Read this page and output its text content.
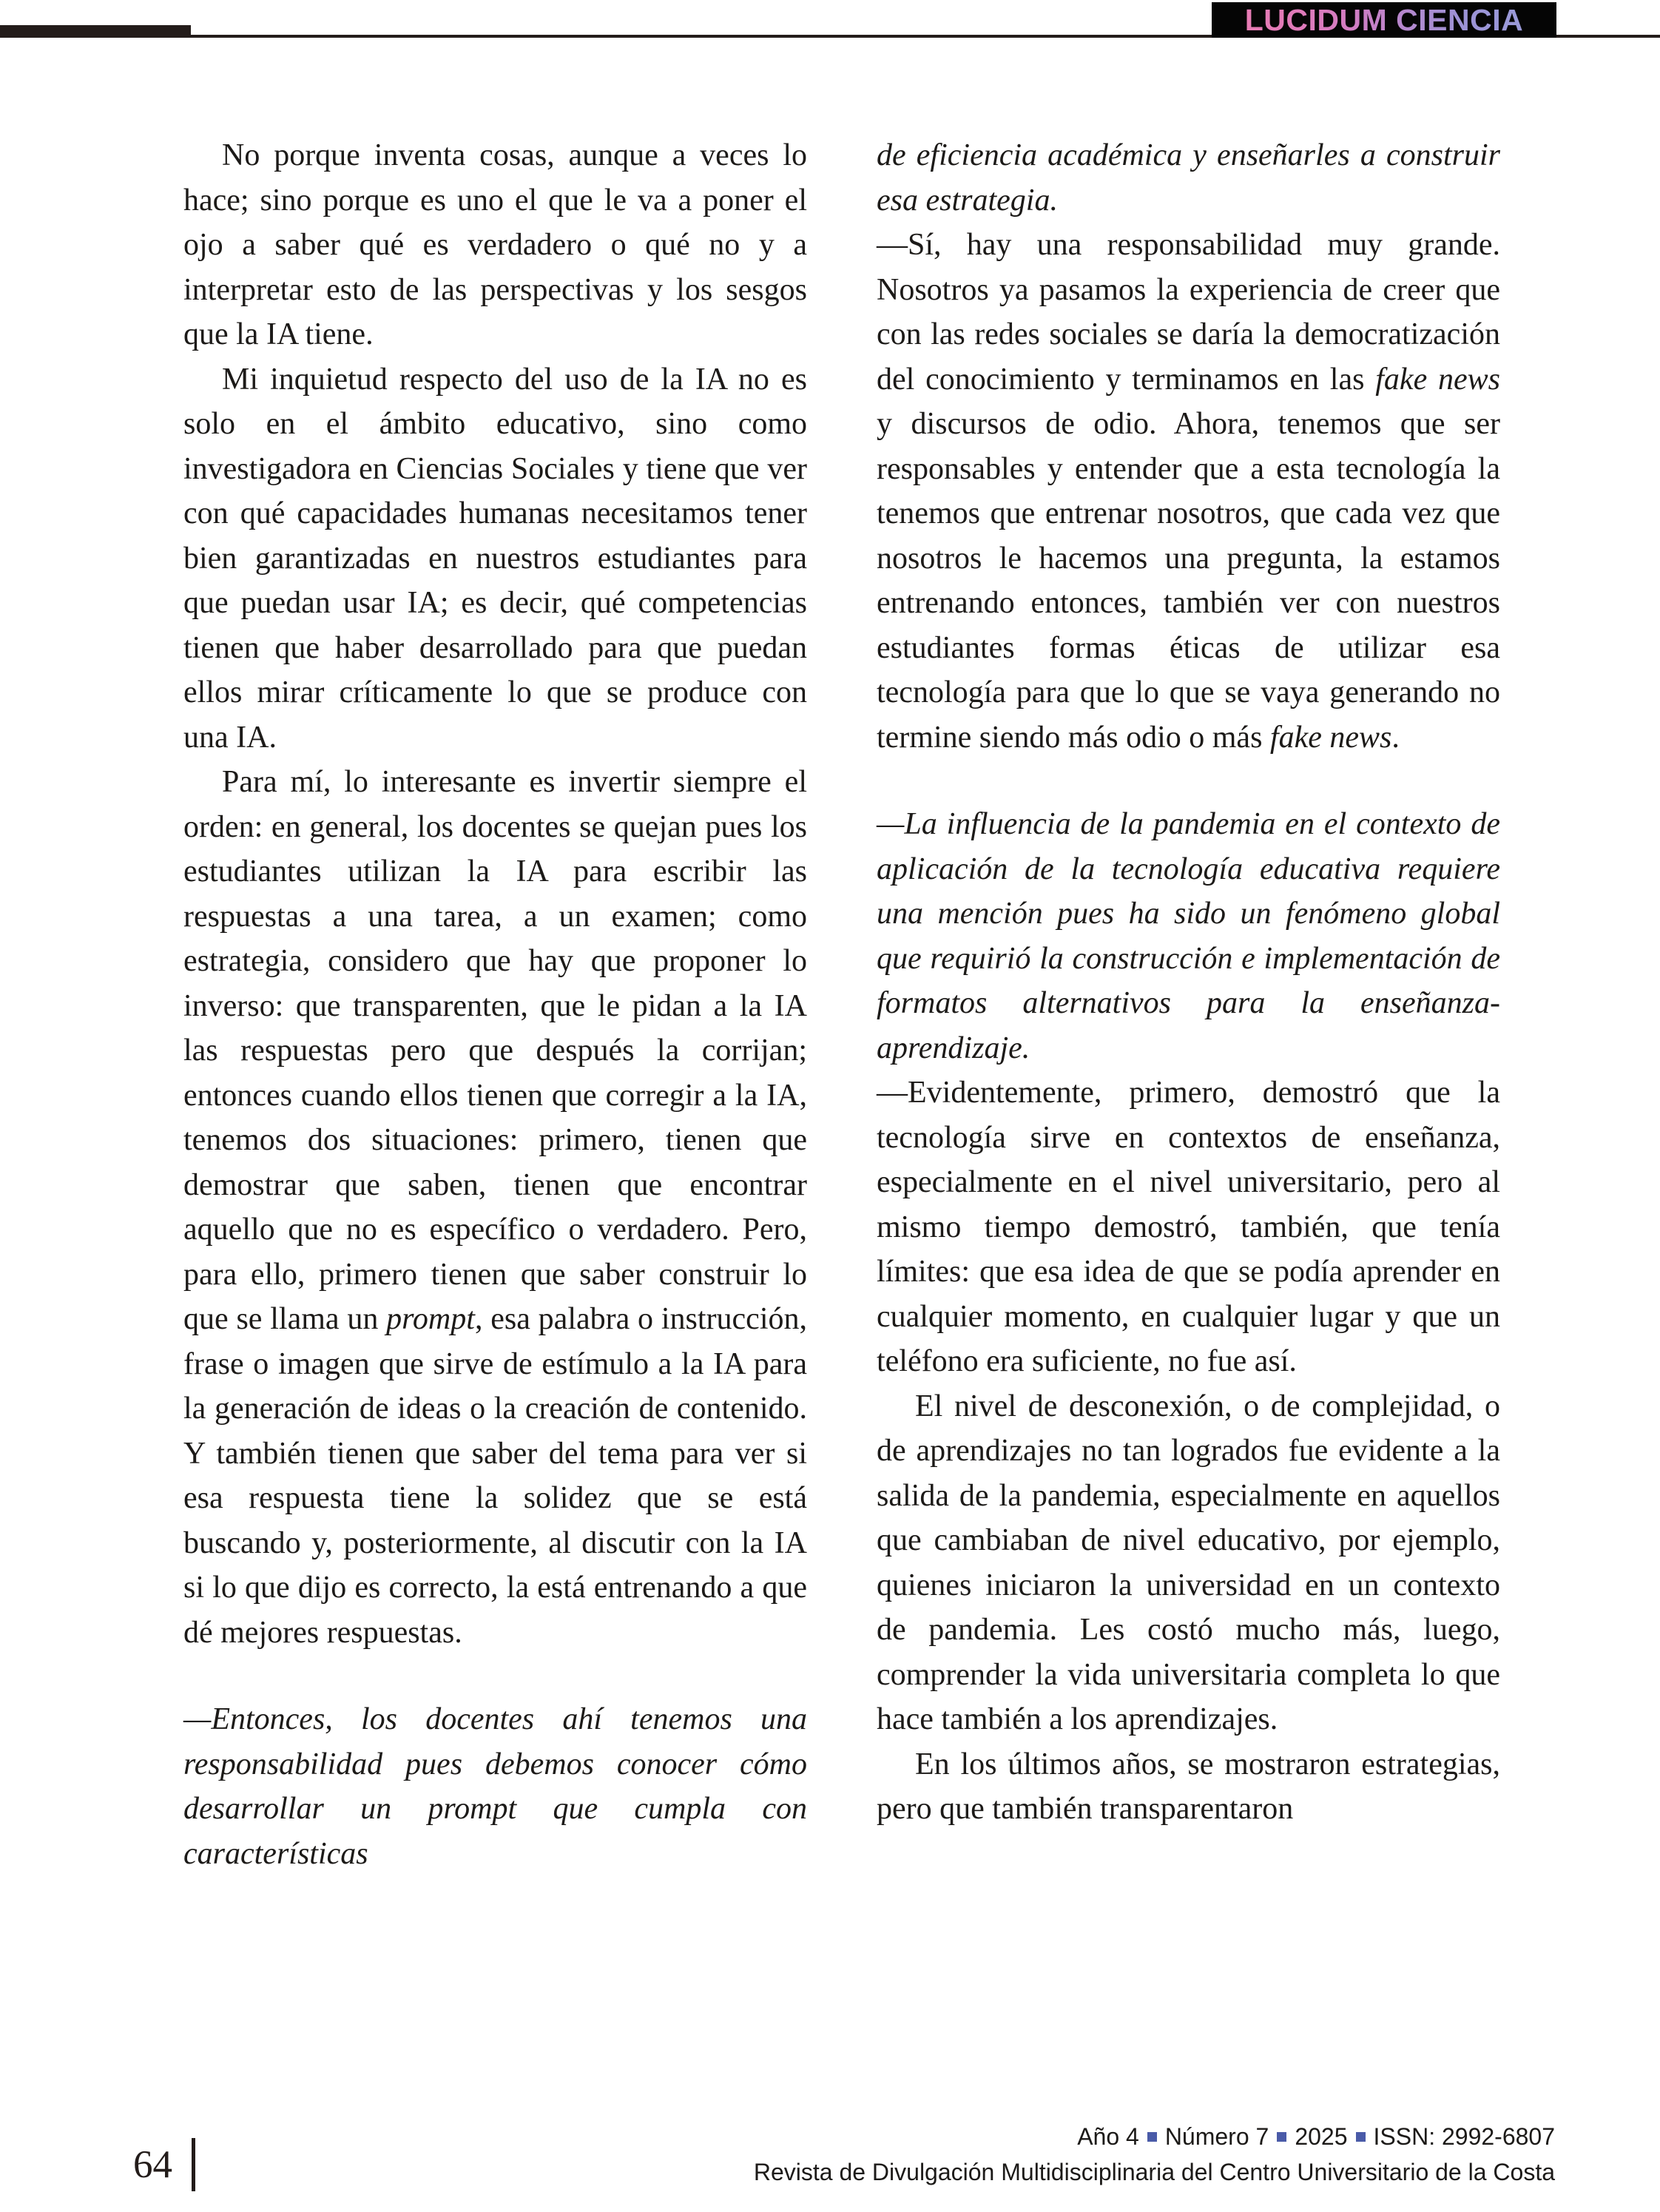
LUCIDUM CIENCIA

No porque inventa cosas, aunque a veces lo hace; sino porque es uno el que le va a poner el ojo a saber qué es verdadero o qué no y a interpretar esto de las perspectivas y los sesgos que la IA tiene.

Mi inquietud respecto del uso de la IA no es solo en el ámbito educativo, sino como investigadora en Ciencias Sociales y tiene que ver con qué capacidades humanas necesitamos tener bien garantizadas en nuestros estudiantes para que puedan usar IA; es decir, qué competencias tienen que haber desarrollado para que puedan ellos mirar críticamente lo que se produce con una IA.

Para mí, lo interesante es invertir siempre el orden: en general, los docentes se quejan pues los estudiantes utilizan la IA para escribir las respuestas a una tarea, a un examen; como estrategia, considero que hay que proponer lo inverso: que transparenten, que le pidan a la IA las respuestas pero que después la corrijan; entonces cuando ellos tienen que corregir a la IA, tenemos dos situaciones: primero, tienen que demostrar que saben, tienen que encontrar aquello que no es específico o verdadero. Pero, para ello, primero tienen que saber construir lo que se llama un prompt, esa palabra o instrucción, frase o imagen que sirve de estímulo a la IA para la generación de ideas o la creación de contenido. Y también tienen que saber del tema para ver si esa respuesta tiene la solidez que se está buscando y, posteriormente, al discutir con la IA si lo que dijo es correcto, la está entrenando a que dé mejores respuestas.

—Entonces, los docentes ahí tenemos una responsabilidad pues debemos conocer cómo desarrollar un prompt que cumpla con características

de eficiencia académica y enseñarles a construir esa estrategia.

—Sí, hay una responsabilidad muy grande. Nosotros ya pasamos la experiencia de creer que con las redes sociales se daría la democratización del conocimiento y terminamos en las fake news y discursos de odio. Ahora, tenemos que ser responsables y entender que a esta tecnología la tenemos que entrenar nosotros, que cada vez que nosotros le hacemos una pregunta, la estamos entrenando entonces, también ver con nuestros estudiantes formas éticas de utilizar esa tecnología para que lo que se vaya generando no termine siendo más odio o más fake news.

—La influencia de la pandemia en el contexto de aplicación de la tecnología educativa requiere una mención pues ha sido un fenómeno global que requirió la construcción e implementación de formatos alternativos para la enseñanza-aprendizaje.

—Evidentemente, primero, demostró que la tecnología sirve en contextos de enseñanza, especialmente en el nivel universitario, pero al mismo tiempo demostró, también, que tenía límites: que esa idea de que se podía aprender en cualquier momento, en cualquier lugar y que un teléfono era suficiente, no fue así.

El nivel de desconexión, o de complejidad, o de aprendizajes no tan logrados fue evidente a la salida de la pandemia, especialmente en aquellos que cambiaban de nivel educativo, por ejemplo, quienes iniciaron la universidad en un contexto de pandemia. Les costó mucho más, luego, comprender la vida universitaria completa lo que hace también a los aprendizajes.

En los últimos años, se mostraron estrategias, pero que también transparentaron

64
Año 4 Número 7 2025 ISSN: 2992-6807
Revista de Divulgación Multidisciplinaria del Centro Universitario de la Costa
